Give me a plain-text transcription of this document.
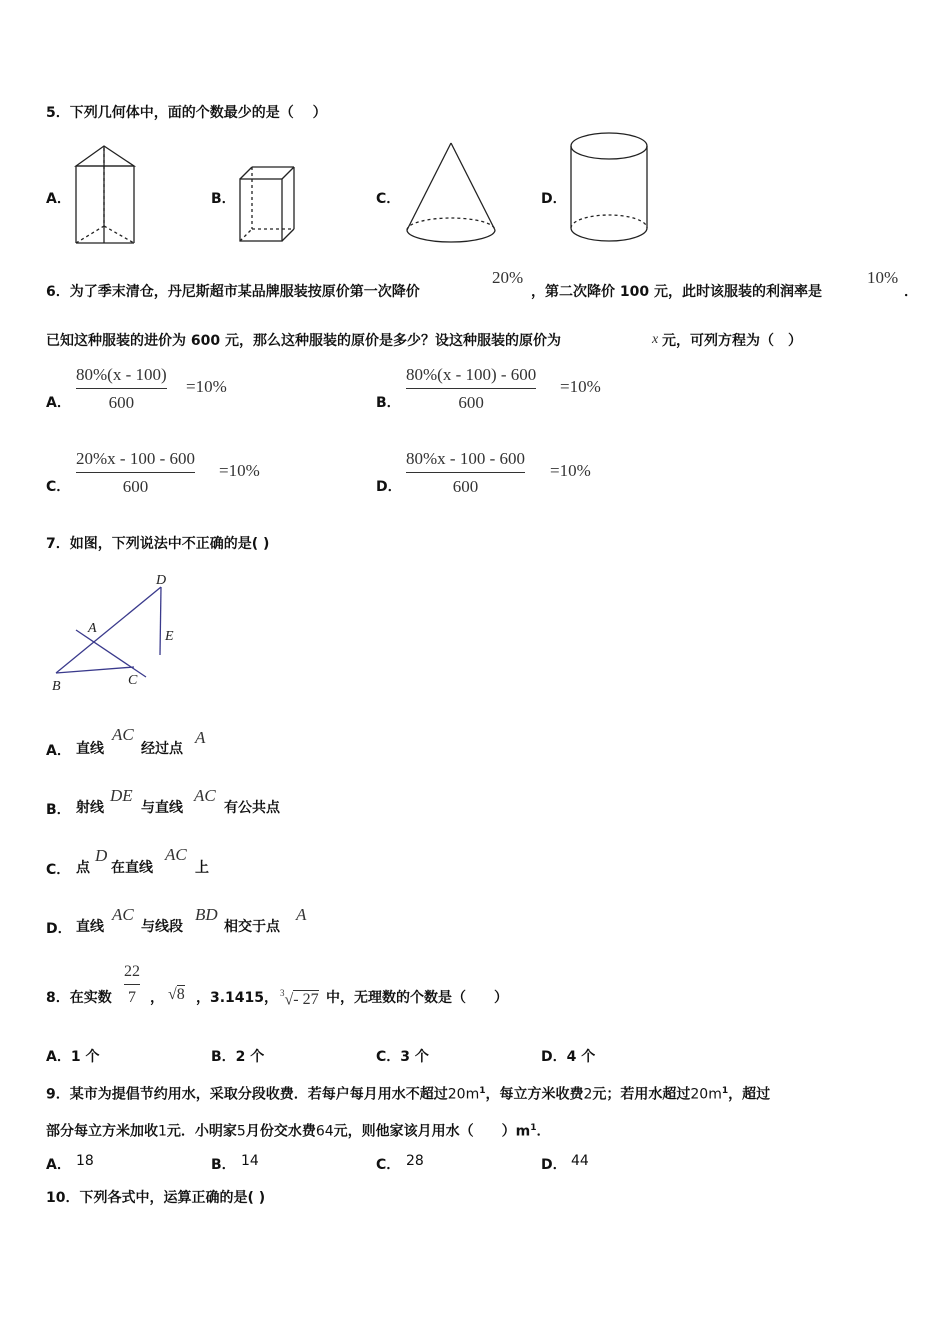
5．下列几何体中，面的个数最少的是（　 ）
A．	B．	C．	D．
6．为了季末清仓，丹尼斯超市某品牌服装按原价第一次降价
20%
，第二次降价 100 元，此时该服装的利润率是
10%
．
已知这种服装的进价为 600 元，那么这种服装的原价是多少？设这种服装的原价为	x 元，可列方程为（　）
A．
80%(x - 100)
600
=10%
B．
80%(x - 100) - 600
600
=10%
C．
20%x - 100 - 600
600
=10%
D．
80%x - 100 - 600
600
=10%
7．如图，下列说法中不正确的是( )
D
A
E
B	C
A． 直线
AC
经过点
A
B． 射线
DE
与直线
AC
有公共点
C． 点
D
在直线
AC
上
D． 直线
AC
与线段
BD
相交于点
A
8．在实数
22
7 ， √8 ，3.1415， $^3$√- 27 中，无理数的个数是（　　）
A．1 个	B．2 个	C．3 个	D．4 个
9．某市为提倡节约用水，采取分段收费．若每户每月用水不超过$20m^1$，每立方米收费2元；若用水超过$20m^1$，超过
部分每立方米加收1元．小明家5月份交水费64元，则他家该月用水（　　）$m^1$．
A． 18	B． 14	C． 28	D． 44
10．下列各式中，运算正确的是( )
